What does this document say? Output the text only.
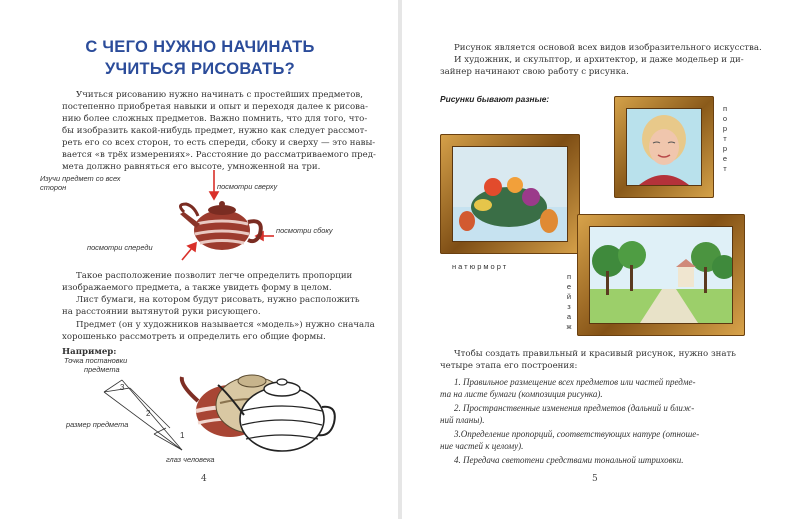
С ЧЕГО НУЖНО НАЧИНАТЬ
УЧИТЬСЯ РИСОВАТЬ?
Учиться рисованию нужно начинать с простейших предметов,
постепенно приобретая навыки и опыт и переходя далее к рисова-
нию более сложных предметов. Важно помнить, что для того, что-
бы изобразить какой-нибудь предмет, нужно как следует рассмот-
реть его со всех сторон, то есть спереди, сбоку и сверху — это навы-
вается «в трёх измерениях». Расстояние до рассматриваемого пред-
мета должно равняться его высоте, умноженной на три.
Изучи предмет со всех
сторон	посмотри сверху
посмотри сбоку
посмотри спереди
Такое расположение позволит легче определить пропорции
изображаемого предмета, а также увидеть форму в целом.
Лист бумаги, на котором будут рисовать, нужно расположить
на расстоянии вытянутой руки рисующего.
Предмет (он у художников называется «модель») нужно сначала
хорошенько рассмотреть и определить его общие формы.
Например:
Точка постановки
предмета
размер предмета
глаз человека
3
2
1
4
Рисунок является основой всех видов изобразительного искусства.
И художник, и скульптор, и архитектор, и даже модельер и ди-
зайнер начинают свою работу с рисунка.
Рисунки бывают разные:
п
о
р
т
р
е
т
натюрморт
п
е
й
з
а
ж
Чтобы создать правильный и красивый рисунок, нужно знать
четыре этапа его построения:
1. Правильное размещение всех предметов или частей предме-
та на листе бумаги (композиция рисунка).
2. Пространственные изменения предметов (дальний и ближ-
ний планы).
3.Определение пропорций, соответствующих натуре (отноше-
ние частей к целому).
4. Передача светотени средствами тональной штриховки.
5
